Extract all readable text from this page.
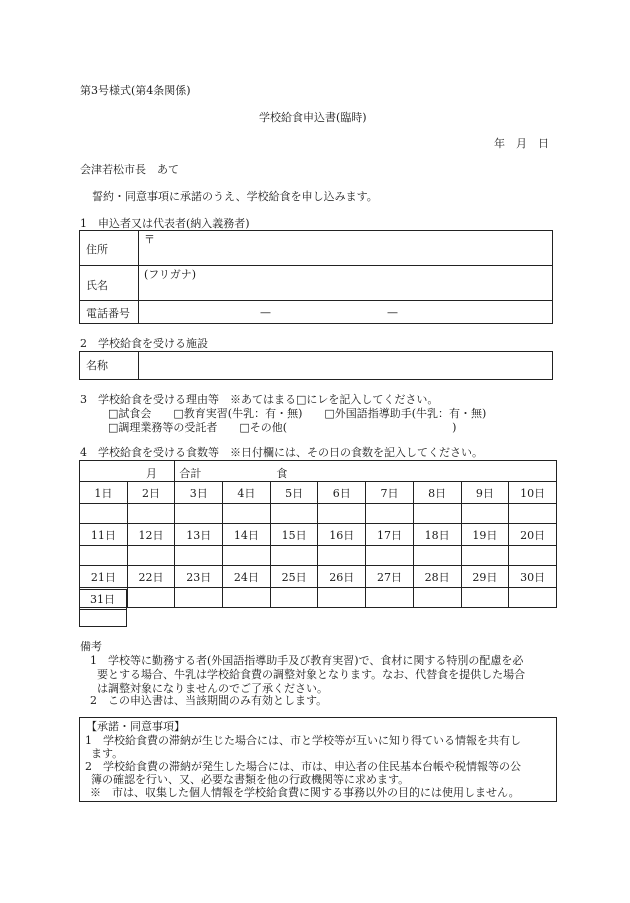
第3号様式(第4条関係)
学校給食申込書(臨時)
年　月　日
会津若松市長　あて
誓約・同意事項に承諾のうえ、学校給食を申し込みます。
1　申込者又は代表者(納入義務者)
住所
〒
氏名
(フリガナ)
電話番号	—	—
2　学校給食を受ける施設
名称
3　学校給食を受ける理由等　※あてはまる□にレを記入してください。
□試食会　　□教育実習(牛乳：有・無)　　□外国語指導助手(牛乳：有・無)
□調理業務等の受託者　　□その他(　　　　　　　　　　　　　　　)
4　学校給食を受ける食数等　※日付欄には、その日の食数を記入してください。
月		合計 食							

1日	2日	3日	4日	5日	6日	7日	8日	9日	10日

11日	12日	13日	14日	15日	16日	17日	18日	19日	20日

21日	22日	23日	24日	25日	26日	27日	28日	29日	30日

31日
備考
1　学校等に勤務する者(外国語指導助手及び教育実習)で、食材に関する特別の配慮を必
要とする場合、牛乳は学校給食費の調整対象となります。なお、代替食を提供した場合
は調整対象になりませんのでご了承ください。
2　この申込書は、当該期間のみ有効とします。
【承諾・同意事項】
1　学校給食費の滞納が生じた場合には、市と学校等が互いに知り得ている情報を共有し
ます。
2　学校給食費の滞納が発生した場合には、市は、申込者の住民基本台帳や税情報等の公
簿の確認を行い、又、必要な書類を他の行政機関等に求めます。
※　市は、収集した個人情報を学校給食費に関する事務以外の目的には使用しません。
